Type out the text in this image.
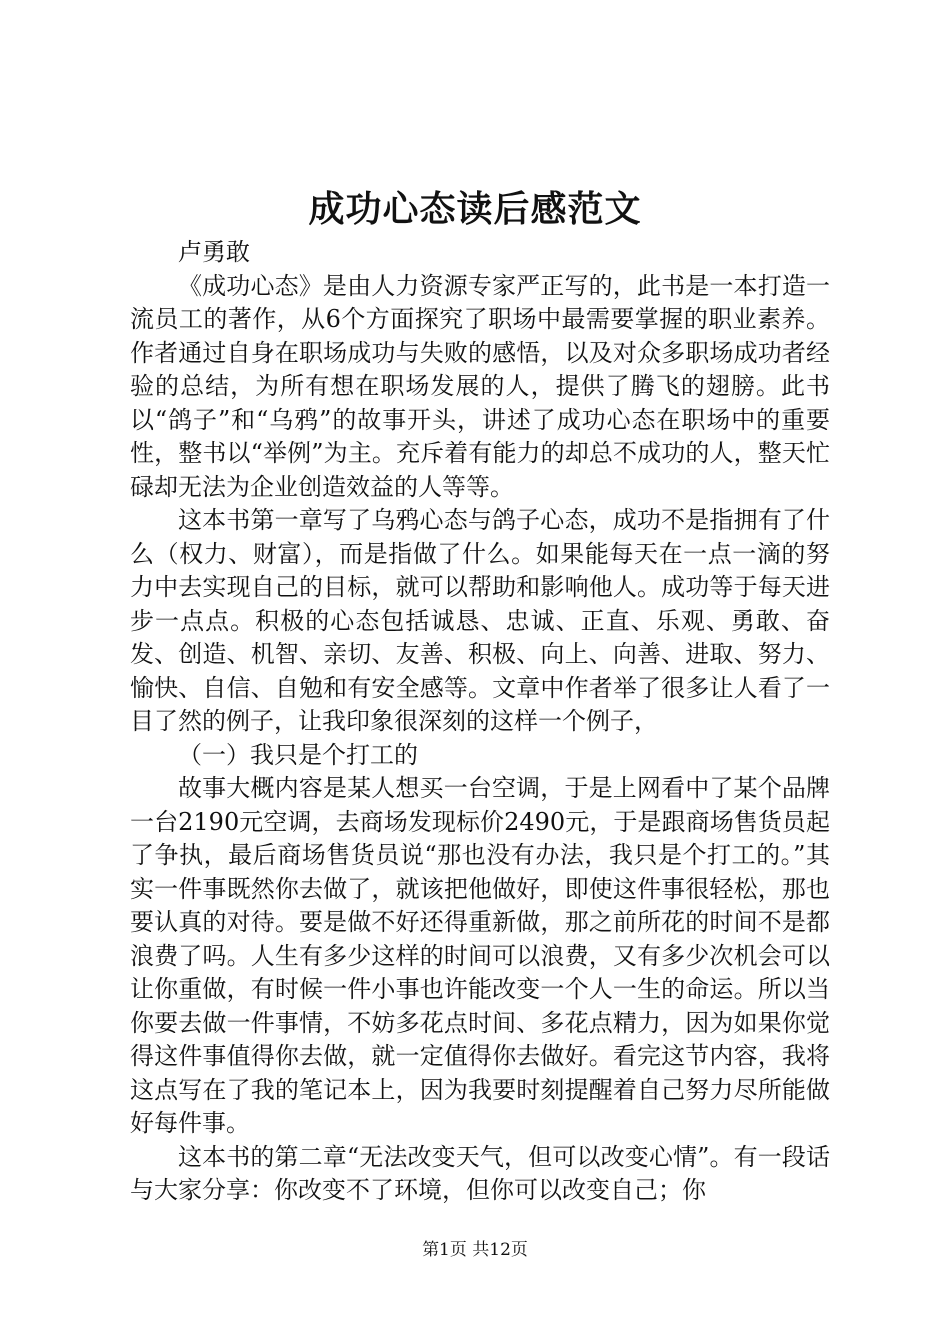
成功心态读后感范文

卢勇敢

《成功心态》是由人力资源专家严正写的，此书是一本打造一流员工的著作，从6个方面探究了职场中最需要掌握的职业素养。作者通过自身在职场成功与失败的感悟，以及对众多职场成功者经验的总结，为所有想在职场发展的人，提供了腾飞的翅膀。此书以“鸽子”和“乌鸦”的故事开头，讲述了成功心态在职场中的重要性，整书以“举例”为主。充斥着有能力的却总不成功的人，整天忙碌却无法为企业创造效益的人等等。

这本书第一章写了乌鸦心态与鸽子心态，成功不是指拥有了什么（权力、财富），而是指做了什么。如果能每天在一点一滴的努力中去实现自己的目标，就可以帮助和影响他人。成功等于每天进步一点点。积极的心态包括诚恳、忠诚、正直、乐观、勇敢、奋发、创造、机智、亲切、友善、积极、向上、向善、进取、努力、愉快、自信、自勉和有安全感等。文章中作者举了很多让人看了一目了然的例子，让我印象很深刻的这样一个例子，

（一）我只是个打工的

故事大概内容是某人想买一台空调，于是上网看中了某个品牌一台2190元空调，去商场发现标价2490元，于是跟商场售货员起了争执，最后商场售货员说“那也没有办法，我只是个打工的。”其实一件事既然你去做了，就该把他做好，即使这件事很轻松，那也要认真的对待。要是做不好还得重新做，那之前所花的时间不是都浪费了吗。人生有多少这样的时间可以浪费，又有多少次机会可以让你重做，有时候一件小事也许能改变一个人一生的命运。所以当你要去做一件事情，不妨多花点时间、多花点精力，因为如果你觉得这件事值得你去做，就一定值得你去做好。看完这节内容，我将这点写在了我的笔记本上，因为我要时刻提醒着自己努力尽所能做好每件事。

这本书的第二章“无法改变天气，但可以改变心情”。有一段话与大家分享：你改变不了环境，但你可以改变自己；你

第1页 共12页
